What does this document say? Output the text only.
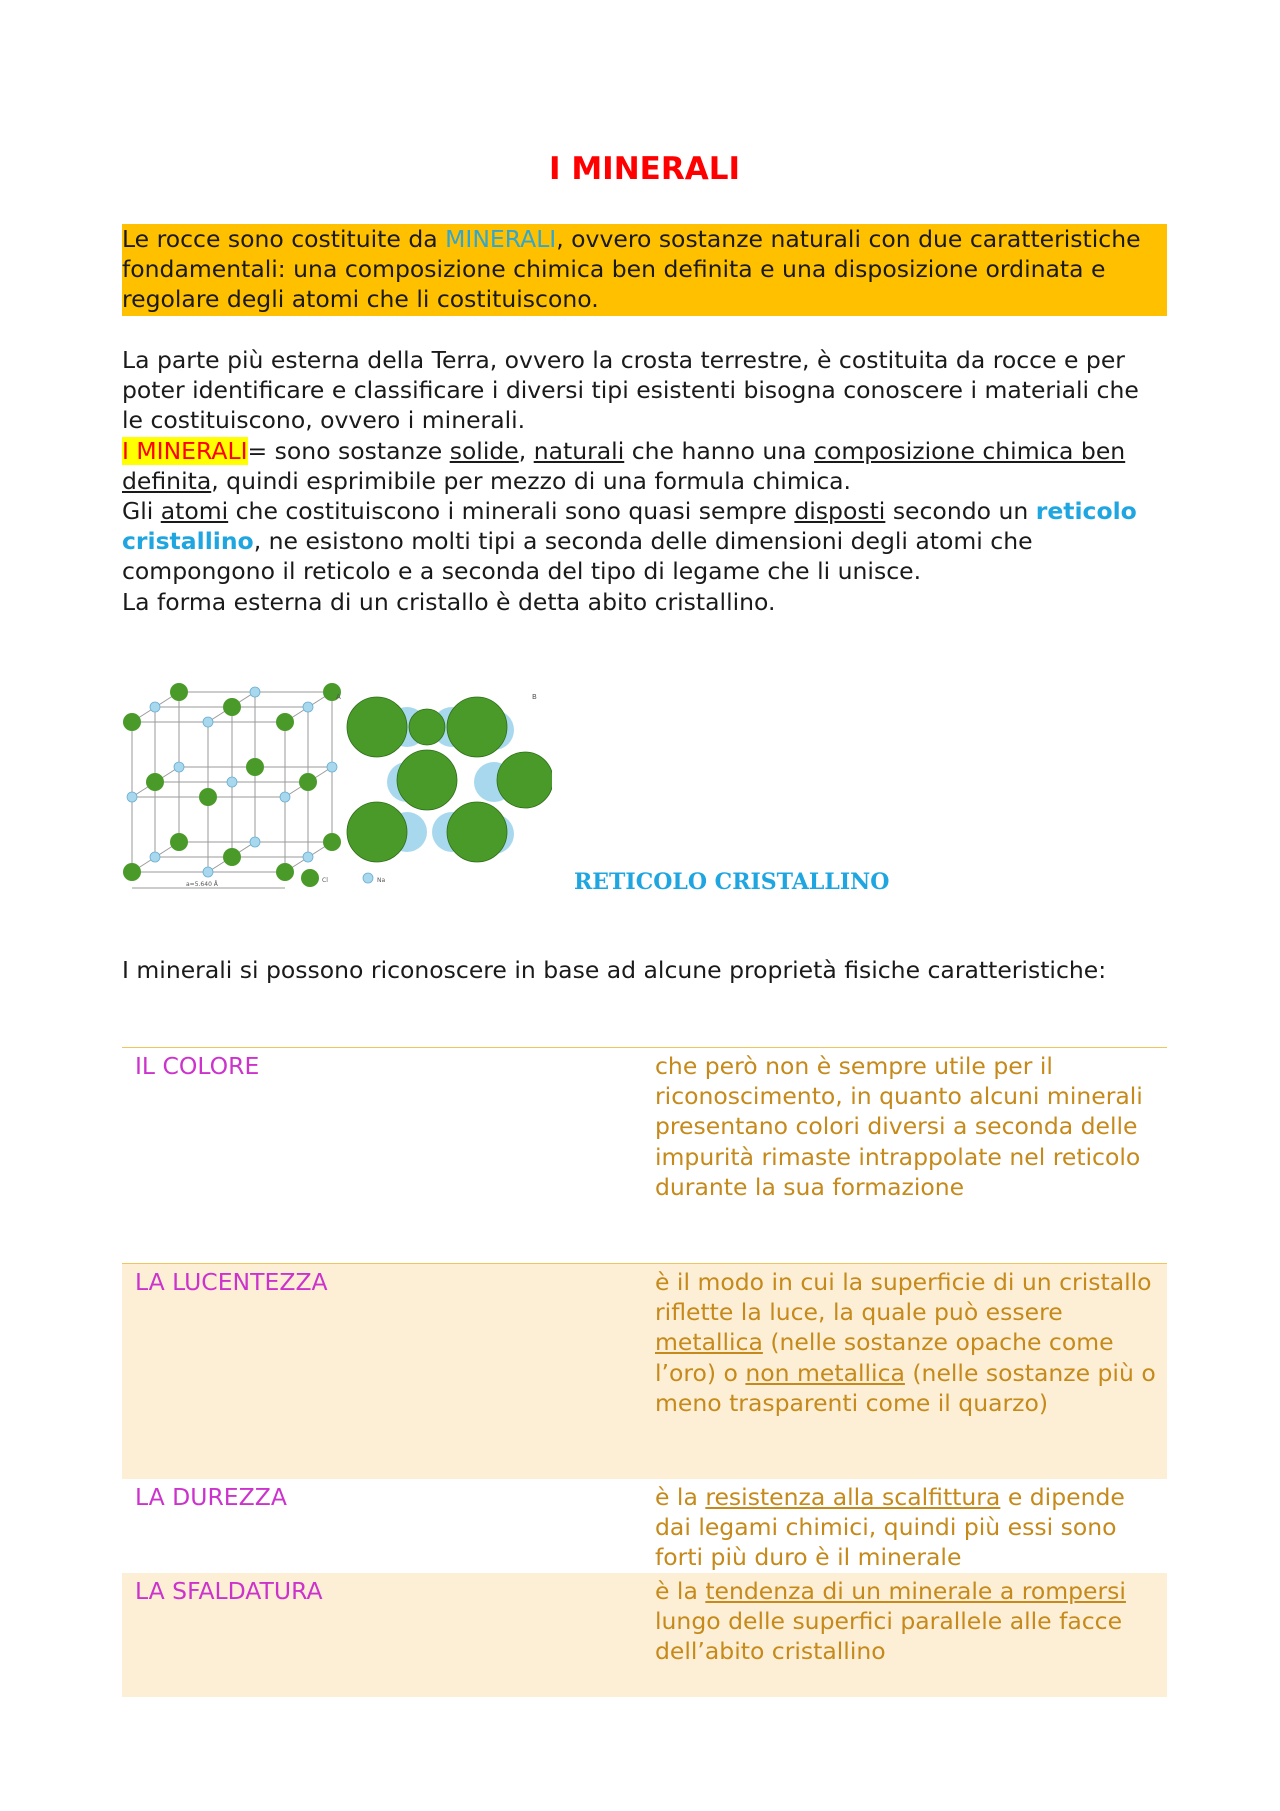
I MINERALI

Le rocce sono costituite da MINERALI, ovvero sostanze naturali con due caratteristiche fondamentali: una composizione chimica ben definita e una disposizione ordinata e regolare degli atomi che li costituiscono.

La parte più esterna della Terra, ovvero la crosta terrestre, è costituita da rocce e per poter identificare e classificare i diversi tipi esistenti bisogna conoscere i materiali che le costituiscono, ovvero i minerali.

I MINERALI= sono sostanze solide, naturali che hanno una composizione chimica ben definita, quindi esprimibile per mezzo di una formula chimica.
Gli atomi che costituiscono i minerali sono quasi sempre disposti secondo un reticolo cristallino, ne esistono molti tipi a seconda delle dimensioni degli atomi che compongono il reticolo e a seconda del tipo di legame che li unisce.

La forma esterna di un cristallo è detta abito cristallino.

A
a=5.640 Å
Cl	Na
B
RETICOLO CRISTALLINO

I minerali si possono riconoscere in base ad alcune proprietà fisiche caratteristiche:

IL COLORE	che però non è sempre utile per il riconoscimento, in quanto alcuni minerali presentano colori diversi a seconda delle impurità rimaste intrappolate nel reticolo durante la sua formazione
LA LUCENTEZZA	è il modo in cui la superficie di un cristallo riflette la luce, la quale può essere metallica (nelle sostanze opache come l’oro) o non metallica (nelle sostanze più o meno trasparenti come il quarzo)
LA DUREZZA	è la resistenza alla scalfittura e dipende dai legami chimici, quindi più essi sono forti più duro è il minerale
LA SFALDATURA	è la tendenza di un minerale a rompersi lungo delle superfici parallele alle facce dell’abito cristallino
